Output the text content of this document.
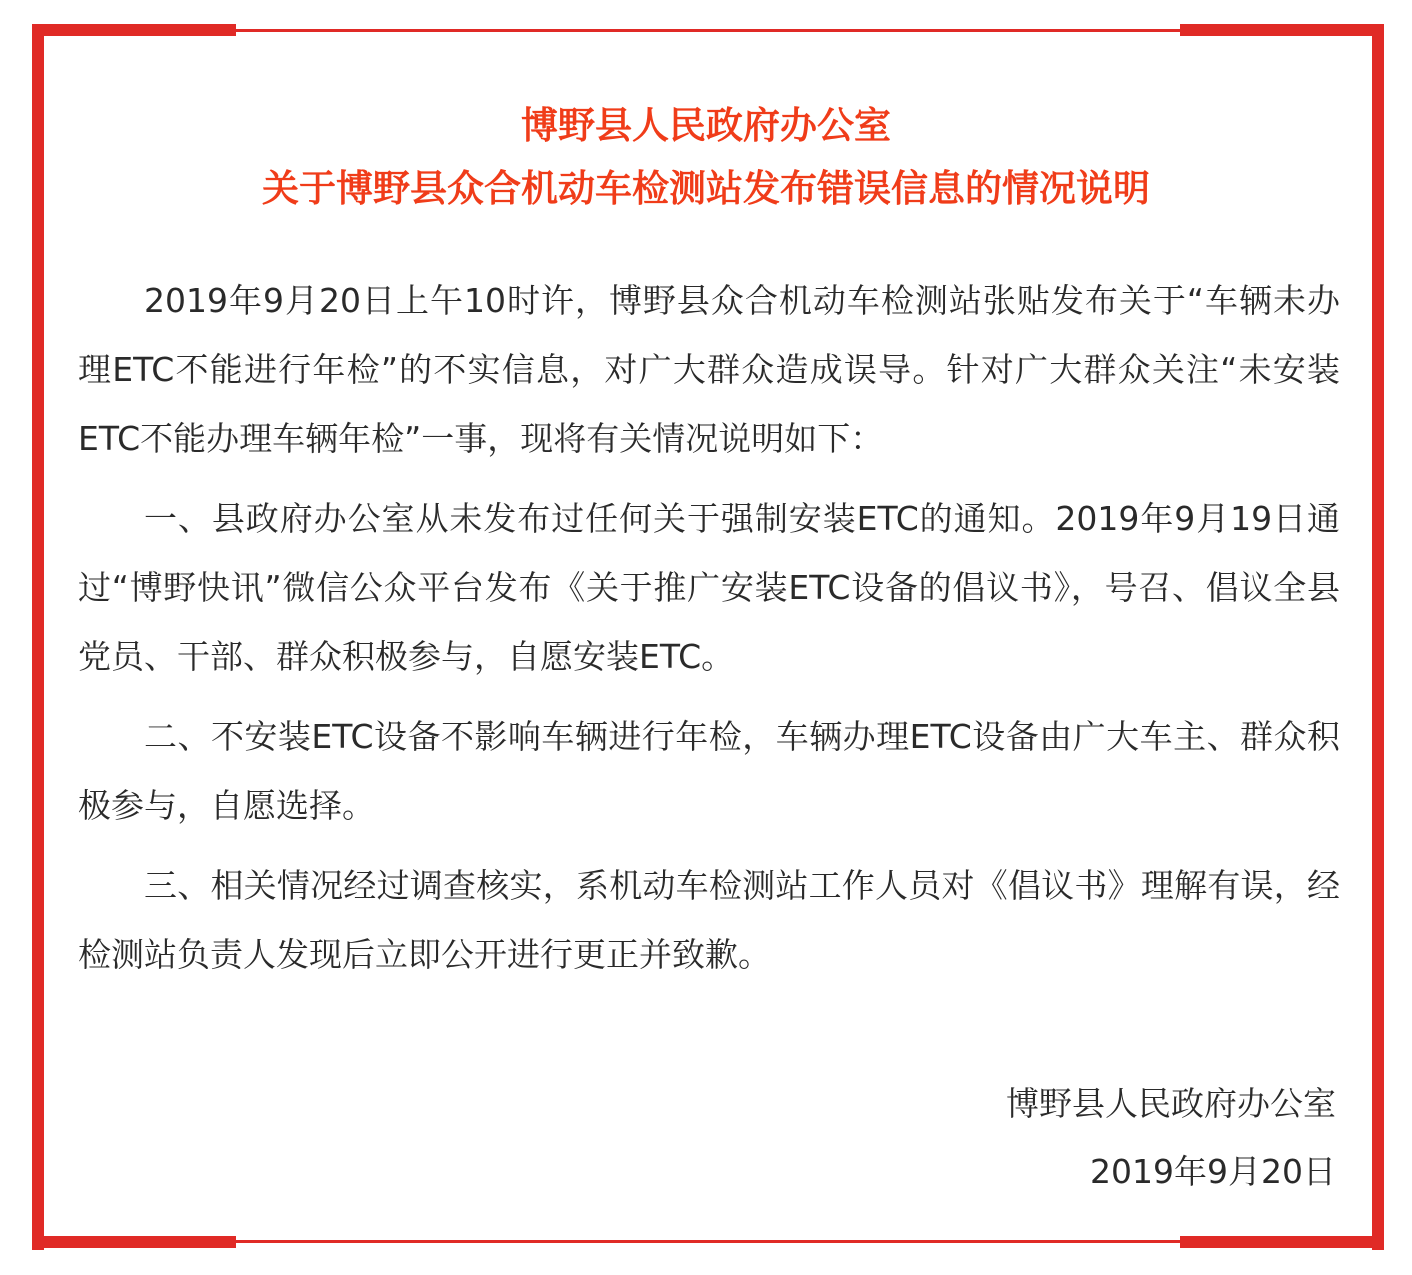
博野县人民政府办公室
关于博野县众合机动车检测站发布错误信息的情况说明

2019年9月20日上午10时许，博野县众合机动车检测站张贴发布关于“车辆未办理ETC不能进行年检”的不实信息，对广大群众造成误导。针对广大群众关注“未安装ETC不能办理车辆年检”一事，现将有关情况说明如下：

一、县政府办公室从未发布过任何关于强制安装ETC的通知。2019年9月19日通过“博野快讯”微信公众平台发布《关于推广安装ETC设备的倡议书》，号召、倡议全县党员、干部、群众积极参与，自愿安装ETC。

二、不安装ETC设备不影响车辆进行年检，车辆办理ETC设备由广大车主、群众积极参与，自愿选择。

三、相关情况经过调查核实，系机动车检测站工作人员对《倡议书》理解有误，经检测站负责人发现后立即公开进行更正并致歉。

博野县人民政府办公室
2019年9月20日
